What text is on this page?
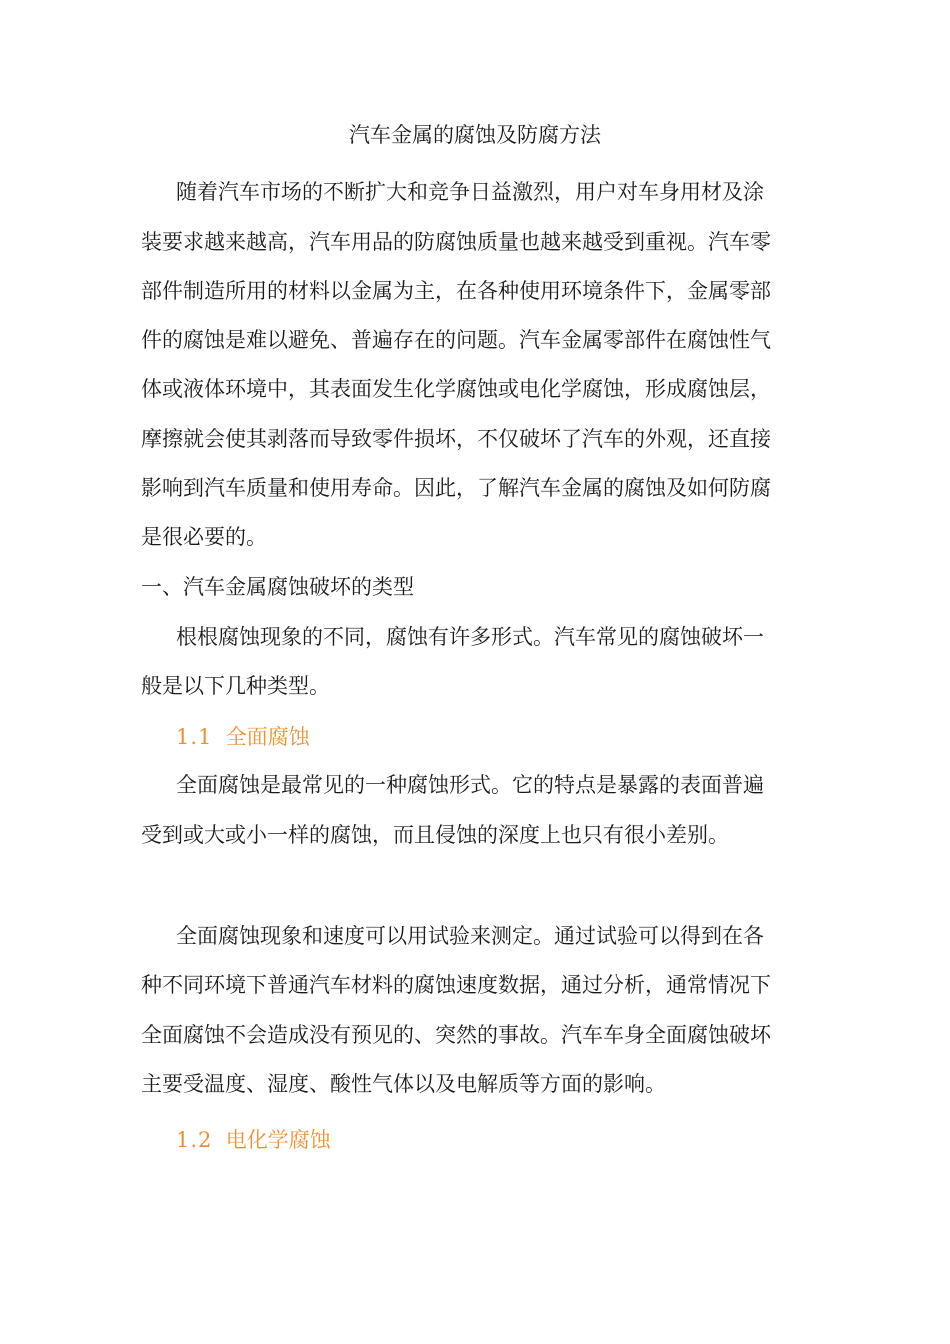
汽车金属的腐蚀及防腐方法

随着汽车市场的不断扩大和竞争日益激烈，用户对车身用材及涂

装要求越来越高，汽车用品的防腐蚀质量也越来越受到重视。汽车零

部件制造所用的材料以金属为主，在各种使用环境条件下，金属零部

件的腐蚀是难以避免、普遍存在的问题。汽车金属零部件在腐蚀性气

体或液体环境中，其表面发生化学腐蚀或电化学腐蚀，形成腐蚀层，

摩擦就会使其剥落而导致零件损坏，不仅破坏了汽车的外观，还直接

影响到汽车质量和使用寿命。因此，了解汽车金属的腐蚀及如何防腐

是很必要的。

一、汽车金属腐蚀破坏的类型

根根腐蚀现象的不同，腐蚀有许多形式。汽车常见的腐蚀破坏一

般是以下几种类型。

1.1 全面腐蚀

全面腐蚀是最常见的一种腐蚀形式。它的特点是暴露的表面普遍

受到或大或小一样的腐蚀，而且侵蚀的深度上也只有很小差别。

全面腐蚀现象和速度可以用试验来测定。通过试验可以得到在各

种不同环境下普通汽车材料的腐蚀速度数据，通过分析，通常情况下

全面腐蚀不会造成没有预见的、突然的事故。汽车车身全面腐蚀破坏

主要受温度、湿度、酸性气体以及电解质等方面的影响。

1.2 电化学腐蚀
